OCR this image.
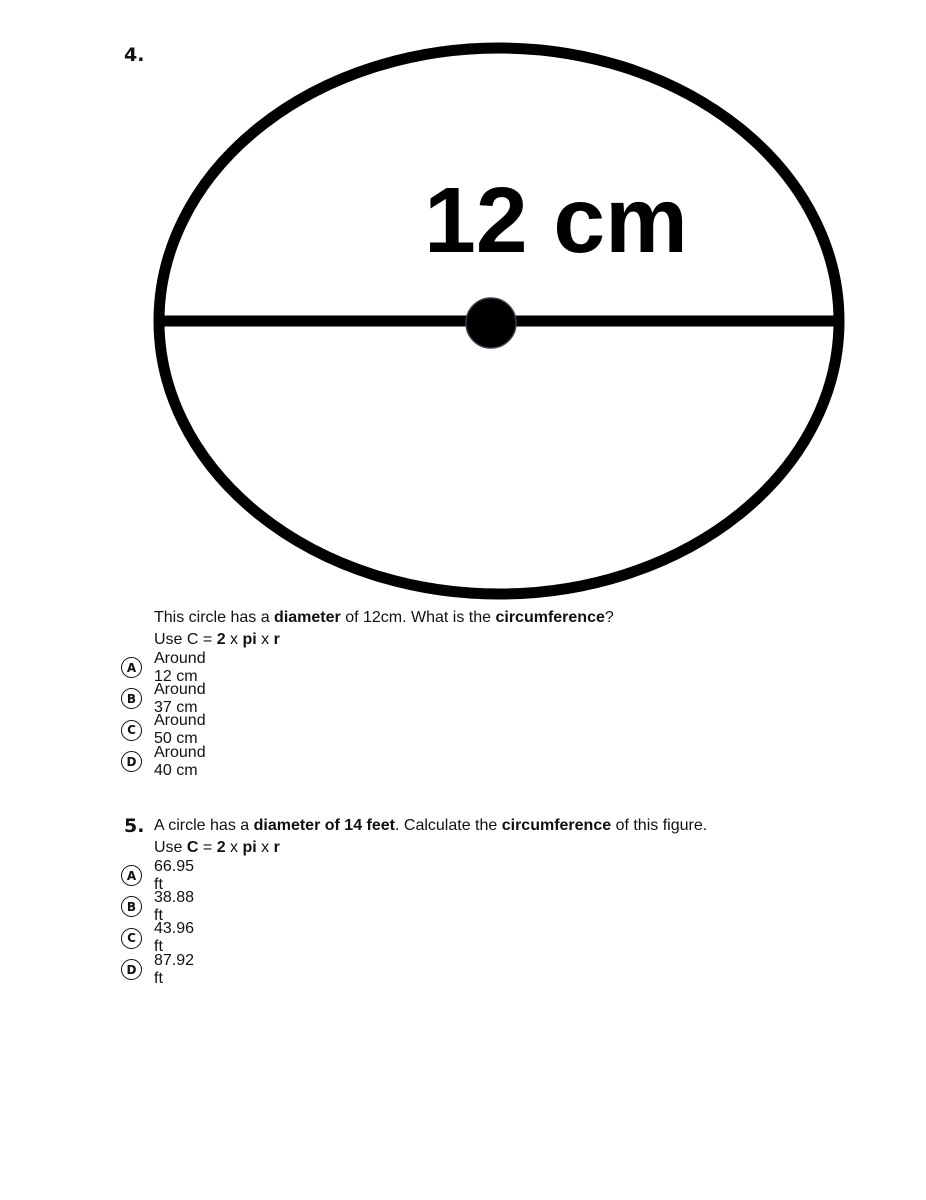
4.
12 cm
This circle has a diameter of 12cm. What is the circumference?
Use C = 2 x pi x r
A
Around 12 cm
B
Around 37 cm
C
Around 50 cm
D
Around 40 cm
5. A circle has a diameter of 14 feet. Calculate the circumference of this figure.
Use C = 2 x pi x r
A
66.95 ft
B
38.88 ft
C
43.96 ft
D
87.92 ft
